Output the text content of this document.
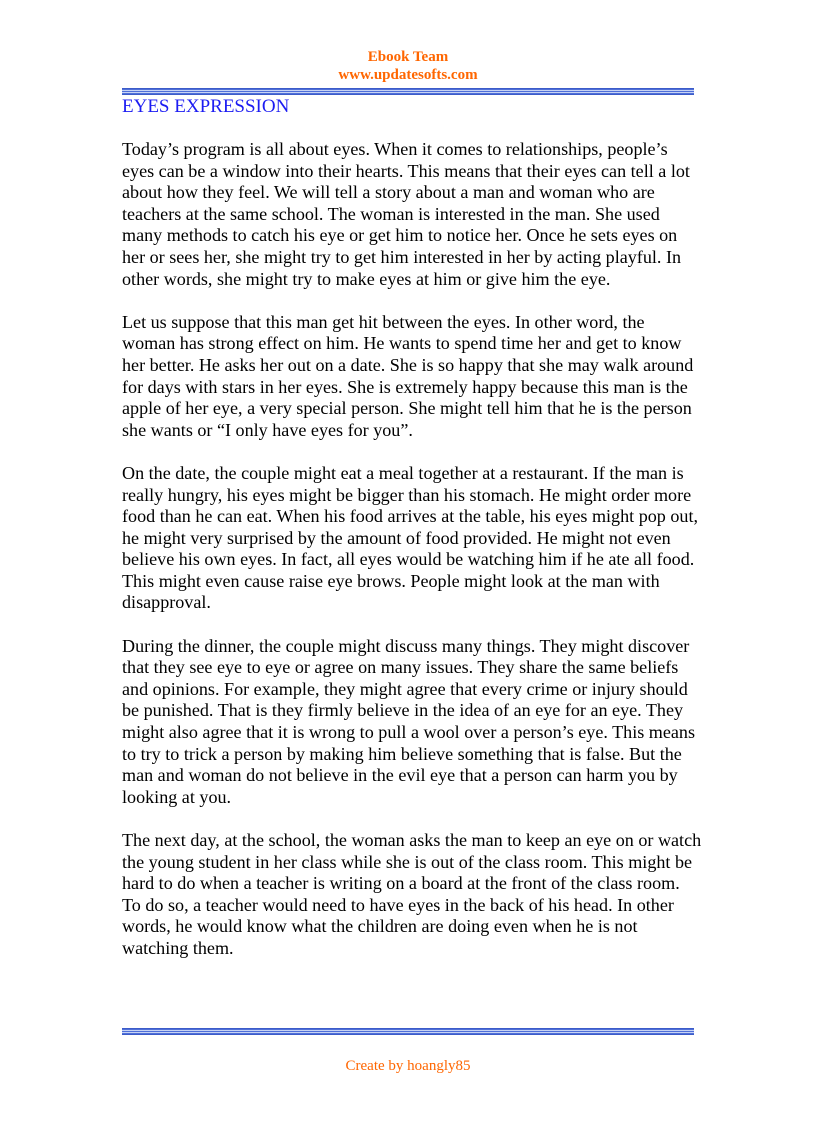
Ebook Team
www.updatesofts.com
EYES EXPRESSION

Today’s program is all about eyes. When it comes to relationships, people’s eyes can be a window into their hearts. This means that their eyes can tell a lot about how they feel. We will tell a story about a man and woman who are teachers at the same school. The woman is interested in the man. She used many methods to catch his eye or get him to notice her. Once he sets eyes on her or sees her, she might try to get him interested in her by acting playful. In other words, she might try to make eyes at him or give him the eye.

Let us suppose that this man get hit between the eyes. In other word, the woman has strong effect on him. He wants to spend time her and get to know her better. He asks her out on a date. She is so happy that she may walk around for days with stars in her eyes. She is extremely happy because this man is the apple of her eye, a very special person. She might tell him that he is the person she wants or “I only have eyes for you”.

On the date, the couple might eat a meal together at a restaurant. If the man is really hungry, his eyes might be bigger than his stomach. He might order more food than he can eat. When his food arrives at the table, his eyes might pop out, he might very surprised by the amount of food provided. He might not even believe his own eyes. In fact, all eyes would be watching him if he ate all food. This might even cause raise eye brows. People might look at the man with disapproval.

During the dinner, the couple might discuss many things. They might discover that they see eye to eye or agree on many issues. They share the same beliefs and opinions. For example, they might agree that every crime or injury should be punished. That is they firmly believe in the idea of an eye for an eye. They might also agree that it is wrong to pull a wool over a person’s eye. This means to try to trick a person by making him believe something that is false. But the man and woman do not believe in the evil eye that a person can harm you by looking at you.

The next day, at the school, the woman asks the man to keep an eye on or watch the young student in her class while she is out of the class room. This might be hard to do when a teacher is writing on a board at the front of the class room. To do so, a teacher would need to have eyes in the back of his head. In other words, he would know what the children are doing even when he is not watching them.

Create by hoangly85
